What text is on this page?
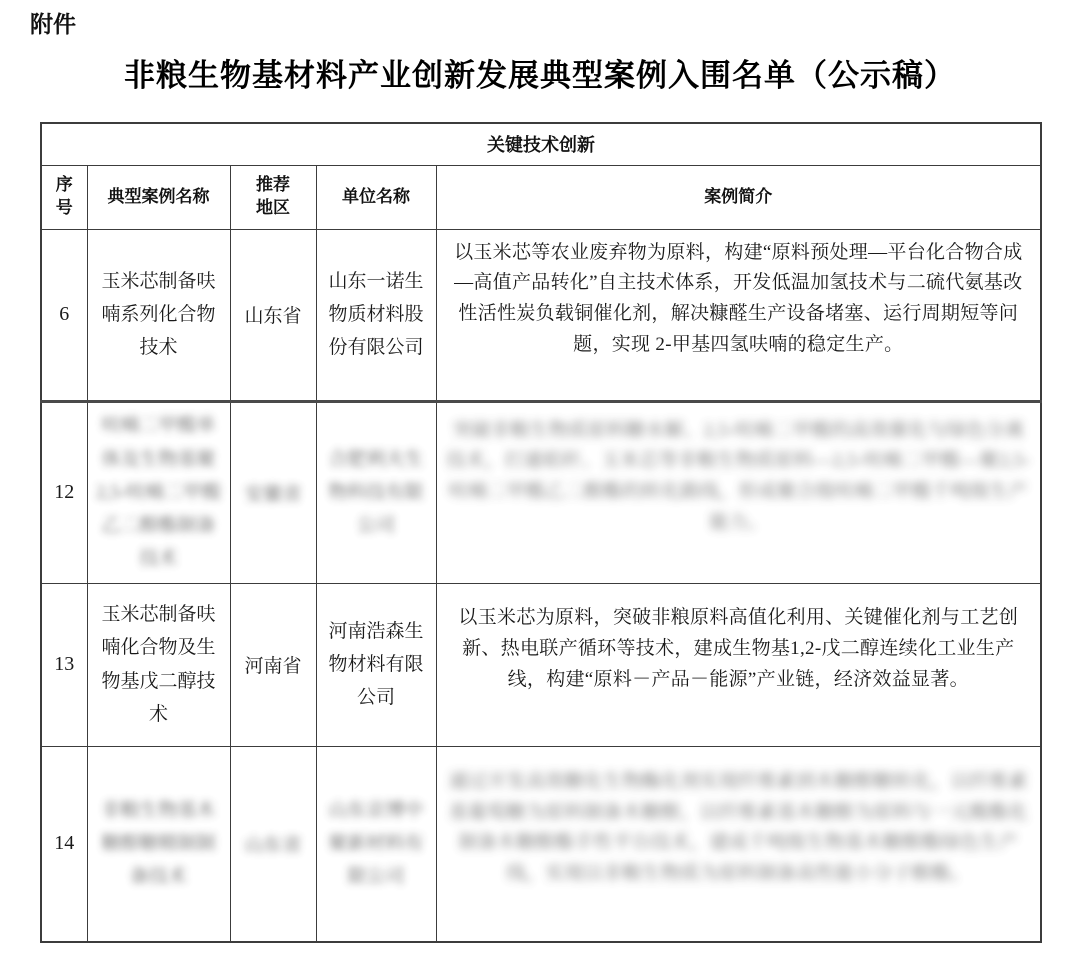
附件
非粮生物基材料产业创新发展典型案例入围名单（公示稿）
关键技术创新				
序号	典型案例名称	推荐地区	单位名称	案例简介
6	玉米芯制备呋喃系列化合物技术	山东省	山东一诺生物质材料股份有限公司	以玉米芯等农业废弃物为原料，构建“原料预处理—平台化合物合成—高值产品转化”自主技术体系，开发低温加氢技术与二硫代氨基改性活性炭负载铜催化剂，解决糠醛生产设备堵塞、运行周期短等问题，实现 2-甲基四氢呋喃的稳定生产。
12	呋喃二甲酸单体及生物基聚2,5-呋喃二甲酸乙二醇酯制备技术	安徽省	合肥利夫生物科技有限公司	突破非粮生物质原料糖水解、2,5-呋喃二甲酸的高效催化与绿色分离技术，打通秸秆、玉米芯等非粮生物质原料—2,5-呋喃二甲酸—聚2,5-呋喃二甲酸乙二醇酯的转化路线，形成聚合级呋喃二甲酸千吨级生产能力。
13	玉米芯制备呋喃化合物及生物基戊二醇技术	河南省	河南浩森生物材料有限公司	以玉米芯为原料，突破非粮原料高值化利用、关键催化剂与工艺创新、热电联产循环等技术，建成生物基1,2-戊二醇连续化工业生产线，构建“原料－产品－能源”产业链，经济效益显著。
14	非粮生物基木糖醇糖精制制备技术	山东省	山东京博中聚新材料有限公司	通过开发高效糖化生物酶化剂实现纤维素到木糖醇糖转化，以纤维素基葡萄糖为原料制备木糖醇，以纤维素基木糖醇为原料与一元酸酯化制备木糖醇酯手性平台技术，建成千吨级生物基木糖醇酯绿色生产线，实现以非粮生物质为原料制备高性能小分子醇酯。
